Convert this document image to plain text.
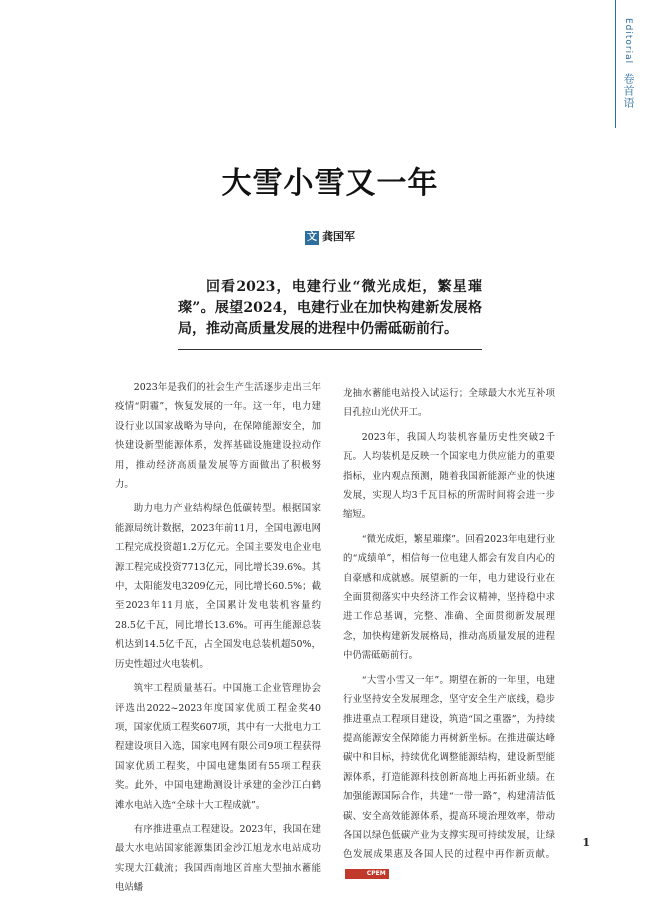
Editorial 卷首语
大雪小雪又一年
文 龚国军
回看2023，电建行业“微光成炬，繁星璀璨”。展望2024，电建行业在加快构建新发展格局，推动高质量发展的进程中仍需砥砺前行。

2023年是我们的社会生产生活逐步走出三年疫情“阴霾”，恢复发展的一年。这一年，电力建设行业以国家战略为导向，在保障能源安全，加快建设新型能源体系，发挥基础设施建设拉动作用，推动经济高质量发展等方面做出了积极努力。

助力电力产业结构绿色低碳转型。根据国家能源局统计数据，2023年前11月，全国电源电网工程完成投资超1.2万亿元。全国主要发电企业电源工程完成投资7713亿元，同比增长39.6%。其中，太阳能发电3209亿元，同比增长60.5%；截至2023年11月底，全国累计发电装机容量约28.5亿千瓦，同比增长13.6%。可再生能源总装机达到14.5亿千瓦，占全国发电总装机超50%，历史性超过火电装机。

筑牢工程质量基石。中国施工企业管理协会评选出2022~2023年度国家优质工程金奖40项，国家优质工程奖607项，其中有一大批电力工程建设项目入选，国家电网有限公司9项工程获得国家优质工程奖，中国电建集团有55项工程获奖。此外，中国电建勘测设计承建的金沙江白鹤滩水电站入选“全球十大工程成就”。

有序推进重点工程建设。2023年，我国在建最大水电站国家能源集团金沙江旭龙水电站成功实现大江截流；我国西南地区首座大型抽水蓄能电站蟠

龙抽水蓄能电站投入试运行；全球最大水光互补项目孔拉山光伏开工。

2023年，我国人均装机容量历史性突破2千瓦。人均装机是反映一个国家电力供应能力的重要指标，业内观点预测，随着我国新能源产业的快速发展，实现人均3千瓦目标的所需时间将会进一步缩短。

“微光成炬，繁星璀璨”。回看2023年电建行业的“成绩单”，相信每一位电建人都会有发自内心的自豪感和成就感。展望新的一年，电力建设行业在全面贯彻落实中央经济工作会议精神，坚持稳中求进工作总基调，完整、准确、全面贯彻新发展理念，加快构建新发展格局，推动高质量发展的进程中仍需砥砺前行。

“大雪小雪又一年”。期望在新的一年里，电建行业坚持安全发展理念，坚守安全生产底线，稳步推进重点工程项目建设，筑造“国之重器”，为持续提高能源安全保障能力再树新坐标。在推进碳达峰碳中和目标，持续优化调整能源结构，建设新型能源体系，打造能源科技创新高地上再拓新业绩。在加强能源国际合作，共建“一带一路”，构建清洁低碳、安全高效能源体系，提高环境治理效率，带动各国以绿色低碳产业为支撑实现可持续发展，让绿色发展成果惠及各国人民的过程中再作新贡献。CPEM

1
